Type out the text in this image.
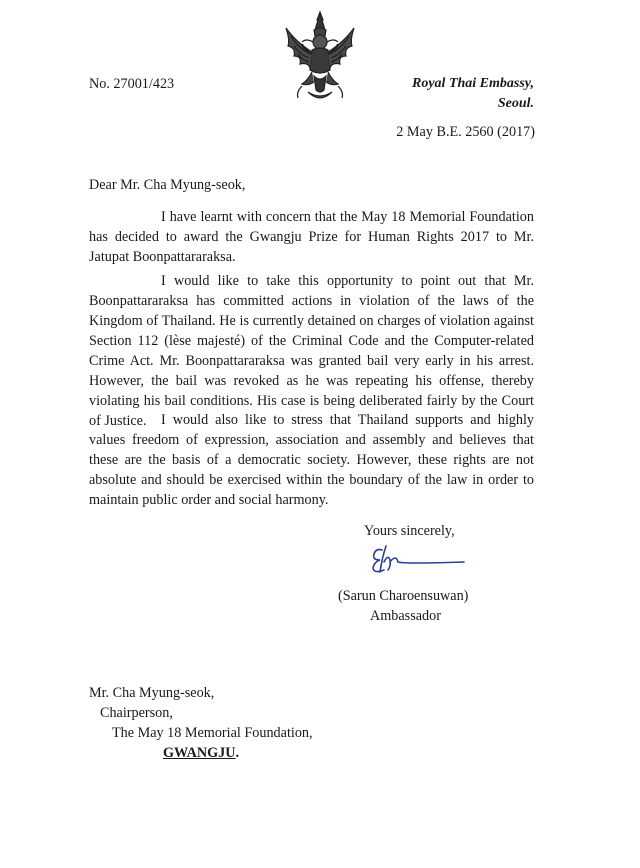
No. 27001/423	Royal Thai Embassy,
Seoul.
2 May B.E. 2560 (2017)
Dear Mr. Cha Myung-seok,
I have learnt with concern that the May 18 Memorial Foundation has decided to award the Gwangju Prize for Human Rights 2017 to Mr. Jatupat Boonpattararaksa.
I would like to take this opportunity to point out that Mr. Boonpattararaksa has committed actions in violation of the laws of the Kingdom of Thailand. He is currently detained on charges of violation against Section 112 (lèse majesté) of the Criminal Code and the Computer-related Crime Act. Mr. Boonpattararaksa was granted bail very early in his arrest. However, the bail was revoked as he was repeating his offense, thereby violating his bail conditions. His case is being deliberated fairly by the Court of Justice.	I would also like to stress that Thailand supports and highly values freedom of expression, association and assembly and believes that these are the basis of a democratic society. However, these rights are not absolute and should be exercised within the boundary of the law in order to maintain public order and social harmony.
Yours sincerely,
(Sarun Charoensuwan)
Ambassador
Mr. Cha Myung-seok,
Chairperson,
The May 18 Memorial Foundation,
GWANGJU.
